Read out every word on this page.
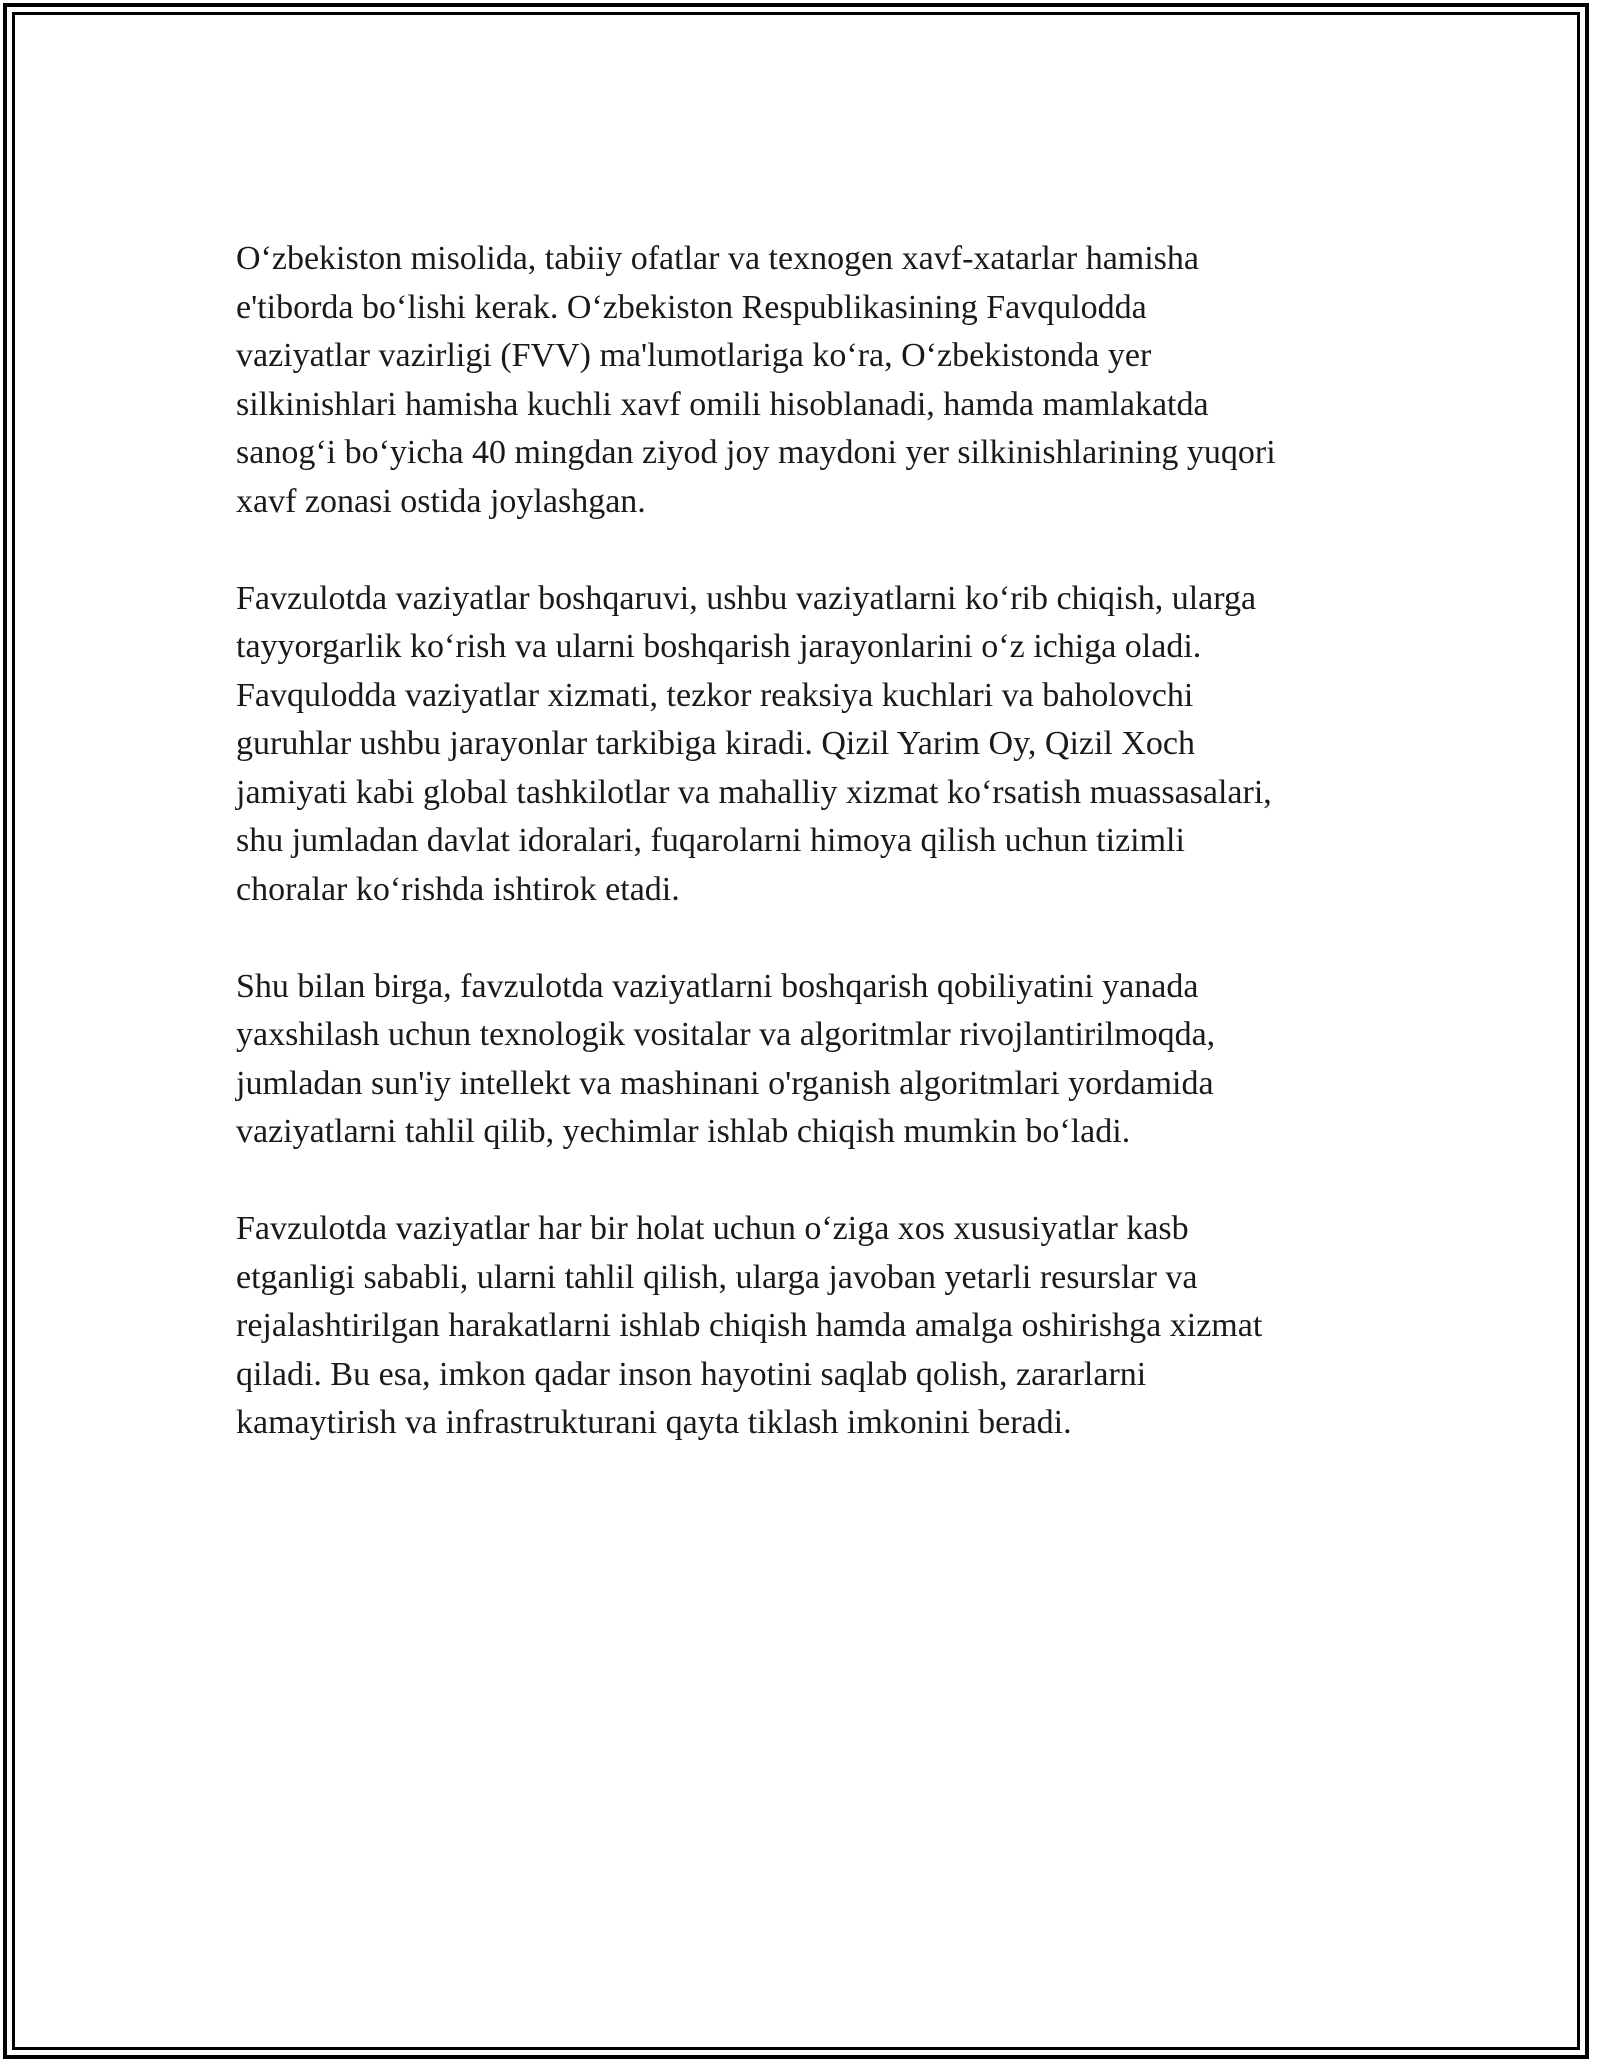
O‘zbekiston misolida, tabiiy ofatlar va texnogen xavf-xatarlar hamisha
e'tiborda bo‘lishi kerak. O‘zbekiston Respublikasining Favqulodda
vaziyatlar vazirligi (FVV) ma'lumotlariga ko‘ra, O‘zbekistonda yer
silkinishlari hamisha kuchli xavf omili hisoblanadi, hamda mamlakatda
sanog‘i bo‘yicha 40 mingdan ziyod joy maydoni yer silkinishlarining yuqori
xavf zonasi ostida joylashgan.
Favzulotda vaziyatlar boshqaruvi, ushbu vaziyatlarni ko‘rib chiqish, ularga
tayyorgarlik ko‘rish va ularni boshqarish jarayonlarini o‘z ichiga oladi.
Favqulodda vaziyatlar xizmati, tezkor reaksiya kuchlari va baholovchi
guruhlar ushbu jarayonlar tarkibiga kiradi. Qizil Yarim Oy, Qizil Xoch
jamiyati kabi global tashkilotlar va mahalliy xizmat ko‘rsatish muassasalari,
shu jumladan davlat idoralari, fuqarolarni himoya qilish uchun tizimli
choralar ko‘rishda ishtirok etadi.
Shu bilan birga, favzulotda vaziyatlarni boshqarish qobiliyatini yanada
yaxshilash uchun texnologik vositalar va algoritmlar rivojlantirilmoqda,
jumladan sun'iy intellekt va mashinani o'rganish algoritmlari yordamida
vaziyatlarni tahlil qilib, yechimlar ishlab chiqish mumkin bo‘ladi.
Favzulotda vaziyatlar har bir holat uchun o‘ziga xos xususiyatlar kasb
etganligi sababli, ularni tahlil qilish, ularga javoban yetarli resurslar va
rejalashtirilgan harakatlarni ishlab chiqish hamda amalga oshirishga xizmat
qiladi. Bu esa, imkon qadar inson hayotini saqlab qolish, zararlarni
kamaytirish va infrastrukturani qayta tiklash imkonini beradi.
